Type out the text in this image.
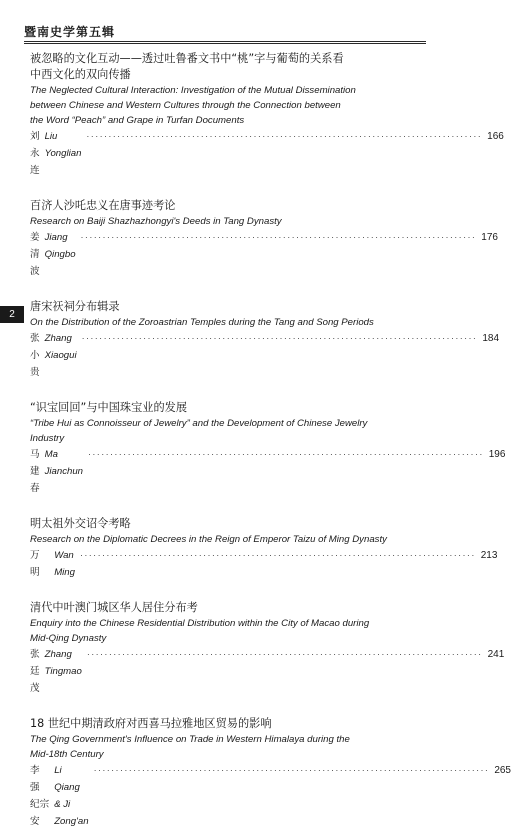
暨南史学第五辑
2
被忽略的文化互动——透过吐鲁番文书中“桃”字与葡萄的关系看
中西文化的双向传播
The Neglected Cultural Interaction: Investigation of the Mutual Dissemination
between Chinese and Western Cultures through the Connection between
the Word “Peach” and Grape in Turfan Documents
刘永连
Liu Yonglian
·························································································· 166
百济人沙吒忠义在唐事迹考论
Research on Baiji Shazhazhongyi's Deeds in Tang Dynasty
姜清波
Jiang Qingbo
·························································································· 176
唐宋祆祠分布辑录
On the Distribution of the Zoroastrian Temples during the Tang and Song Periods
张小贵
Zhang Xiaogui
·························································································· 184
“识宝回回”与中国珠宝业的发展
“Tribe Hui as Connoisseur of Jewelry” and the Development of Chinese Jewelry
Industry
马建春
Ma Jianchun
·························································································· 196
明太祖外交诏令考略
Research on the Diplomatic Decrees in the Reign of Emperor Taizu of Ming Dynasty
万　明
Wan Ming
·························································································· 213
清代中叶澳门城区华人居住分布考
Enquiry into the Chinese Residential Distribution within the City of Macao during
Mid-Qing Dynasty
张廷茂
Zhang Tingmao
·························································································· 241
18 世纪中期清政府对西喜马拉雅地区贸易的影响
The Qing Government's Influence on Trade in Western Himalaya during the
Mid-18th Century
李　强　纪宗安
Li Qiang & Ji Zong'an
·························································································· 265
